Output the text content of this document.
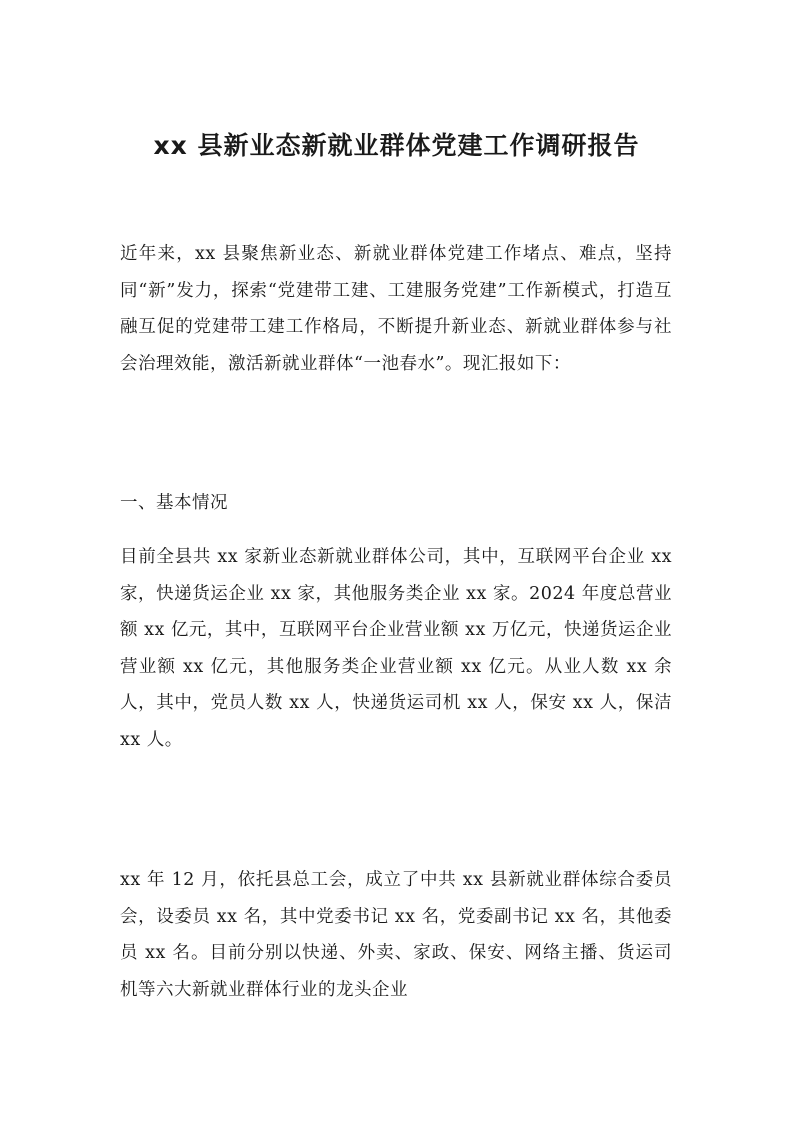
xx 县新业态新就业群体党建工作调研报告

近年来，xx 县聚焦新业态、新就业群体党建工作堵点、难点，坚持同“新”发力，探索“党建带工建、工建服务党建”工作新模式，打造互融互促的党建带工建工作格局，不断提升新业态、新就业群体参与社会治理效能，激活新就业群体“一池春水”。现汇报如下：

一、基本情况

目前全县共 xx 家新业态新就业群体公司，其中，互联网平台企业 xx 家，快递货运企业 xx 家，其他服务类企业 xx 家。2024 年度总营业额 xx 亿元，其中，互联网平台企业营业额 xx 万亿元，快递货运企业营业额 xx 亿元，其他服务类企业营业额 xx 亿元。从业人数 xx 余人，其中，党员人数 xx 人，快递货运司机 xx 人，保安 xx 人，保洁 xx 人。

xx 年 12 月，依托县总工会，成立了中共 xx 县新就业群体综合委员会，设委员 xx 名，其中党委书记 xx 名，党委副书记 xx 名，其他委员 xx 名。目前分别以快递、外卖、家政、保安、网络主播、货运司机等六大新就业群体行业的龙头企业
